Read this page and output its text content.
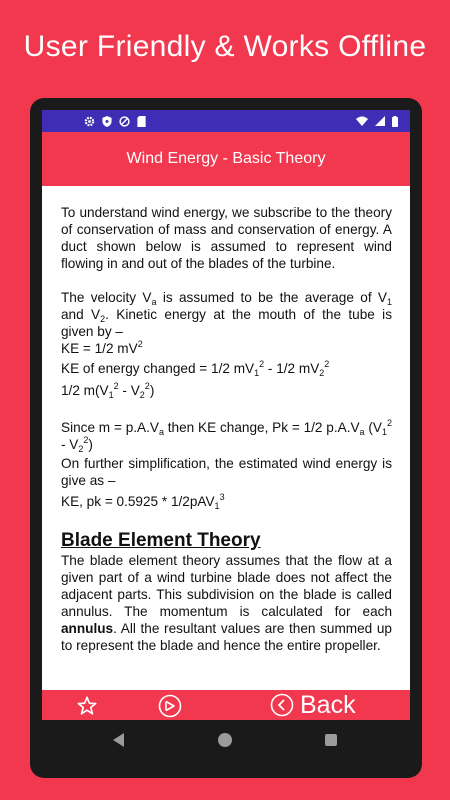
User Friendly & Works Offline
Wind Energy - Basic Theory

To understand wind energy, we subscribe to the theory of conservation of mass and conservation of energy. A duct shown below is assumed to represent wind flowing in and out of the blades of the turbine.

The velocity $V_a$ is assumed to be the average of $V_1$ and $V_2$. Kinetic energy at the mouth of the tube is given by –

KE = 1/2 $mV^2$
KE of energy changed = 1/2 $mV_1^2 - 1/2$ $mV_2^2$
1/2 $m(V_1^2 - V_2^2)$

Since $m = p.A.V_a$ then KE change, Pk = 1/2 $p.A.V_a$ $(V_1^2 - V_2^2)$

On further simplification, the estimated wind energy is give as –

KE, pk = 0.5925 * 1/2pAV$_1^3$
Blade Element Theory

The blade element theory assumes that the flow at a given part of a wind turbine blade does not affect the adjacent parts. This subdivision on the blade is called annulus. The momentum is calculated for each annulus. All the resultant values are then summed up to represent the blade and hence the entire propeller.

Back
